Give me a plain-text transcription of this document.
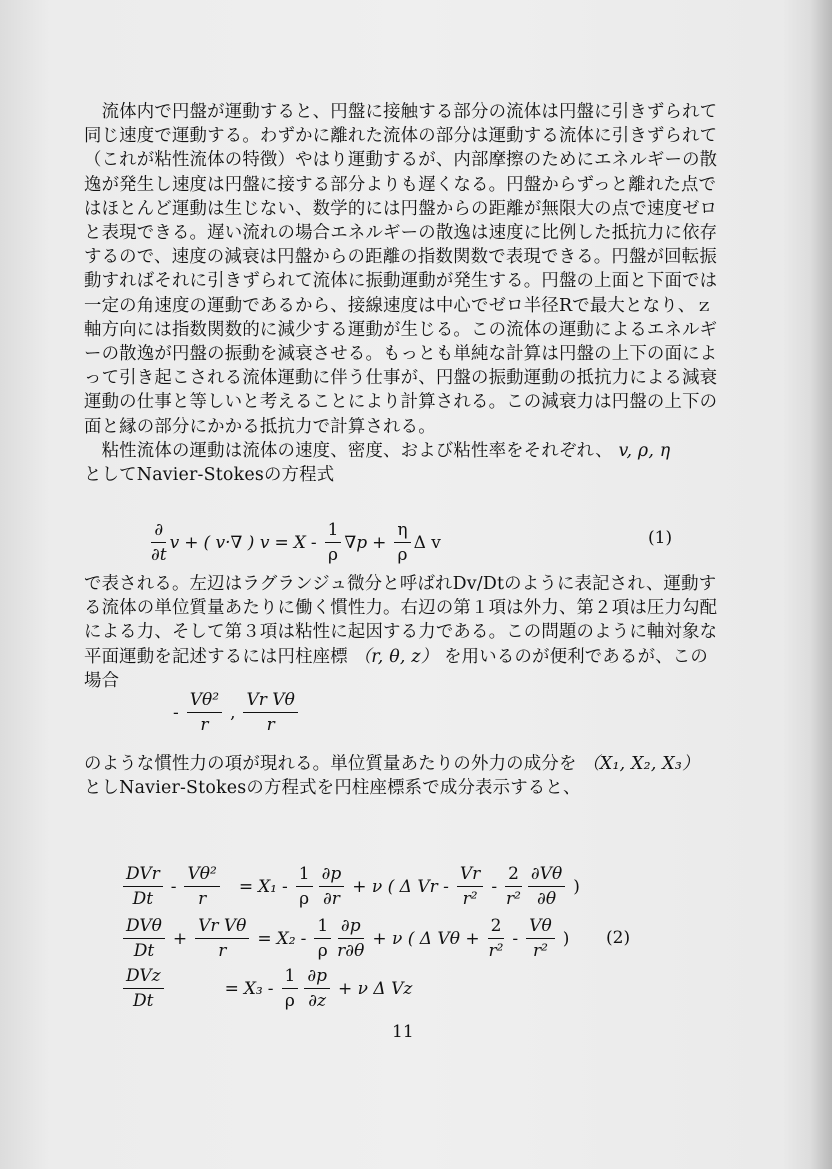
　流体内で円盤が運動すると、円盤に接触する部分の流体は円盤に引きずられて同じ速度で運動する。わずかに離れた流体の部分は運動する流体に引きずられて（これが粘性流体の特徴）やはり運動するが、内部摩擦のためにエネルギーの散逸が発生し速度は円盤に接する部分よりも遅くなる。円盤からずっと離れた点ではほとんど運動は生じない、数学的には円盤からの距離が無限大の点で速度ゼロと表現できる。遅い流れの場合エネルギーの散逸は速度に比例した抵抗力に依存するので、速度の減衰は円盤からの距離の指数関数で表現できる。円盤が回転振動すればそれに引きずられて流体に振動運動が発生する。円盤の上面と下面では一定の角速度の運動であるから、接線速度は中心でゼロ半径Rで最大となり、ｚ軸方向には指数関数的に減少する運動が生じる。この流体の運動によるエネルギーの散逸が円盤の振動を減衰させる。もっとも単純な計算は円盤の上下の面によって引き起こされる流体運動に伴う仕事が、円盤の振動運動の抵抗力による減衰運動の仕事と等しいと考えることにより計算される。この減衰力は円盤の上下の面と縁の部分にかかる抵抗力で計算される。

　粘性流体の運動は流体の速度、密度、および粘性率をそれぞれ、 v, ρ, η
としてNavier-Stokesの方程式

$\frac{\partial}{\partial t}$ v + ( v·∇ ) $v = X - \frac{1}{\rho} \nabla p + \frac{\eta}{\rho}$ Δ v	(1)

で表される。左辺はラグランジュ微分と呼ばれDv/Dtのように表記され、運動する流体の単位質量あたりに働く慣性力。右辺の第１項は外力、第２項は圧力勾配による力、そして第３項は粘性に起因する力である。この問題のように軸対象な平面運動を記述するには円柱座標 （r, θ, z） を用いるのが便利であるが、この場合

- $\frac{\text{Vθ²}}{r}$ , $\frac{\text{Vr Vθ}}{r}$

のような慣性力の項が現れる。単位質量あたりの外力の成分を （X₁, X₂, X₃）
としNavier-Stokesの方程式を円柱座標系で成分表示すると、

$\frac{\text{DVr}}{Dt} - \frac{\text{Vθ²}}{r} = X_1 - \frac{1}{\rho} \frac{\partial p}{\partial r} + \nu$ ( Δ Vr - $\frac{Vr}{\text{r²}} - \frac{2}{\text{r²}} \frac{\partial V\theta}{\partial\theta}$ )
$\frac{\text{DVθ}}{Dt} + \frac{\text{Vr Vθ}}{r} = X_2 - \frac{1}{\rho} \frac{\partial p}{r\partial\theta} + \nu$ ( Δ $V\theta + \frac{2}{\text{r²}} - \frac{V\theta}{\text{r²}}$ ) (2)
$\frac{\text{DVz}}{Dt}$	= $X_3 - \frac{1}{\rho} \frac{\partial p}{\partial z} + \nu$ Δ Vz
11
